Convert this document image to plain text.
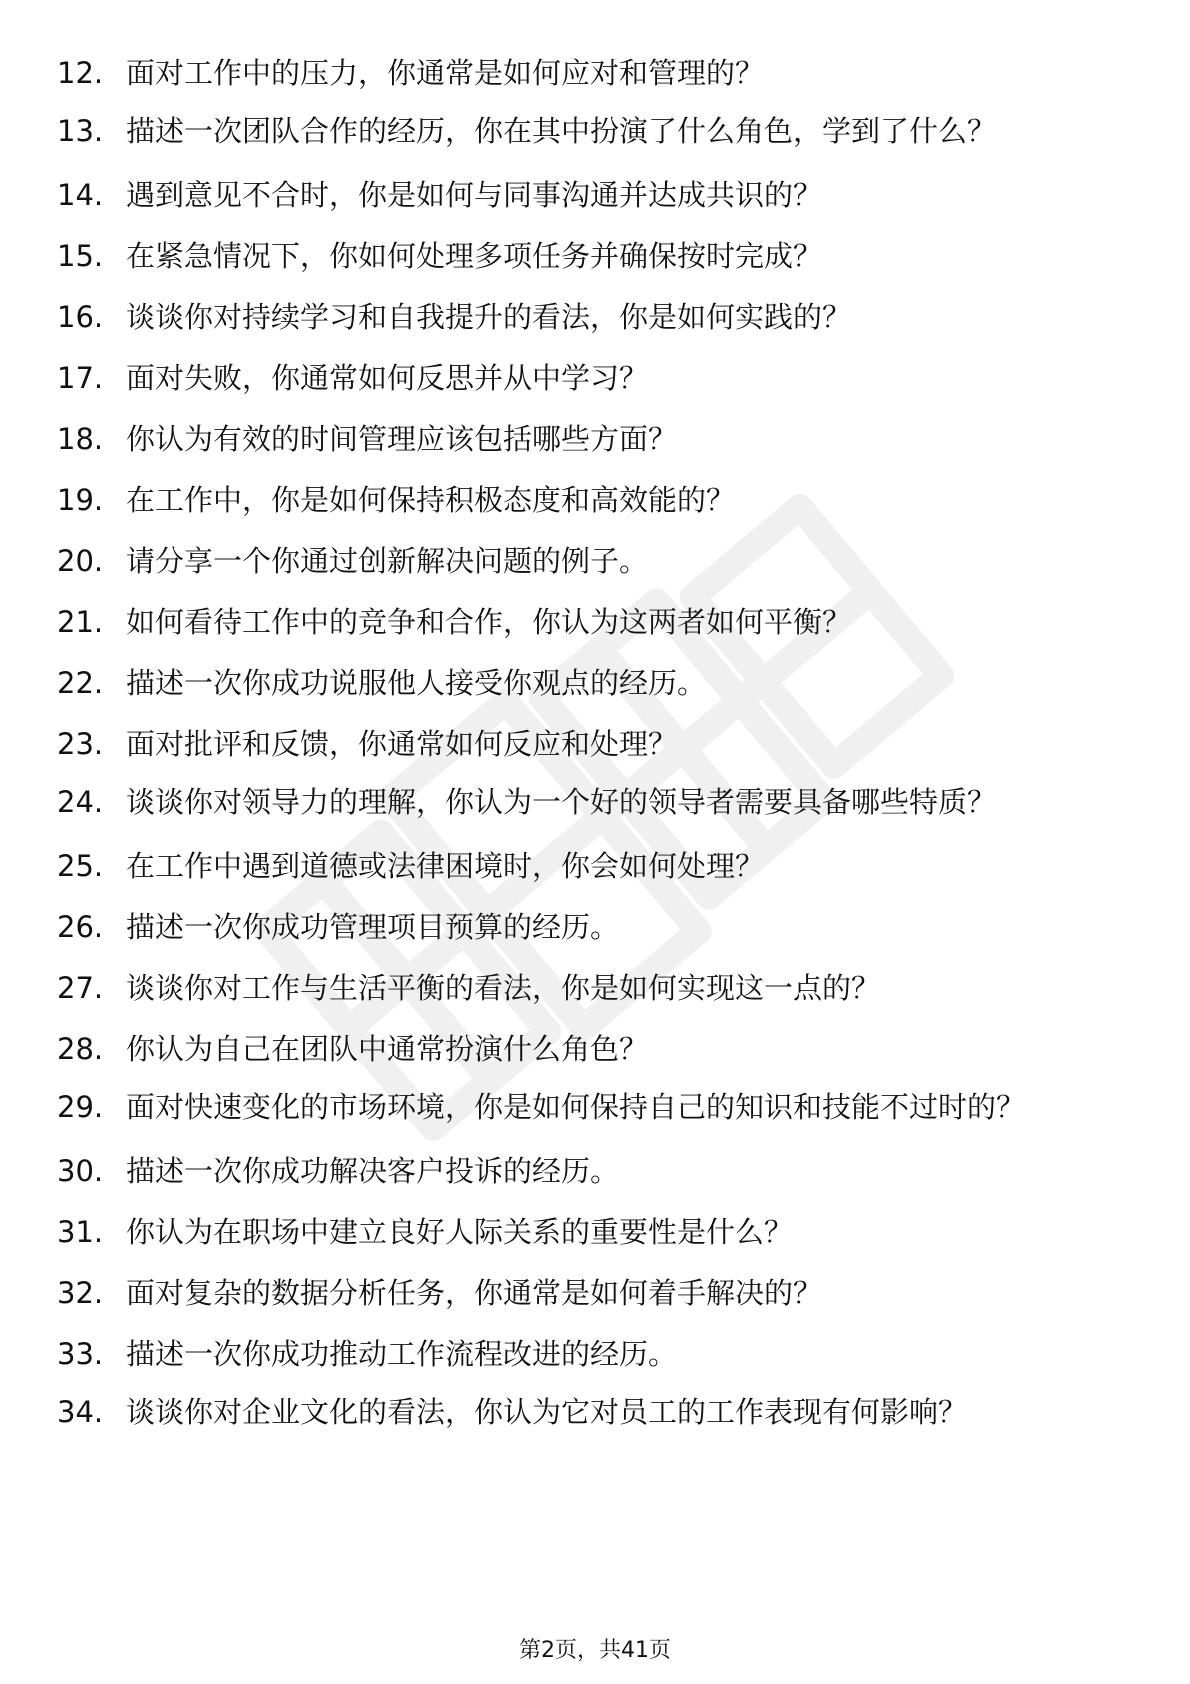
12. 面对工作中的压力，你通常是如何应对和管理的？
13. 描述一次团队合作的经历，你在其中扮演了什么角色，学到了什么？
14. 遇到意见不合时，你是如何与同事沟通并达成共识的？
15. 在紧急情况下，你如何处理多项任务并确保按时完成？
16. 谈谈你对持续学习和自我提升的看法，你是如何实践的？
17. 面对失败，你通常如何反思并从中学习？
18. 你认为有效的时间管理应该包括哪些方面？
19. 在工作中，你是如何保持积极态度和高效能的？
20. 请分享一个你通过创新解决问题的例子。
21. 如何看待工作中的竞争和合作，你认为这两者如何平衡？
22. 描述一次你成功说服他人接受你观点的经历。
23. 面对批评和反馈，你通常如何反应和处理？
24. 谈谈你对领导力的理解，你认为一个好的领导者需要具备哪些特质？
25. 在工作中遇到道德或法律困境时，你会如何处理？
26. 描述一次你成功管理项目预算的经历。
27. 谈谈你对工作与生活平衡的看法，你是如何实现这一点的？
28. 你认为自己在团队中通常扮演什么角色？
29. 面对快速变化的市场环境，你是如何保持自己的知识和技能不过时的？
30. 描述一次你成功解决客户投诉的经历。
31. 你认为在职场中建立良好人际关系的重要性是什么？
32. 面对复杂的数据分析任务，你通常是如何着手解决的？
33. 描述一次你成功推动工作流程改进的经历。
34. 谈谈你对企业文化的看法，你认为它对员工的工作表现有何影响？
第2页，共41页
